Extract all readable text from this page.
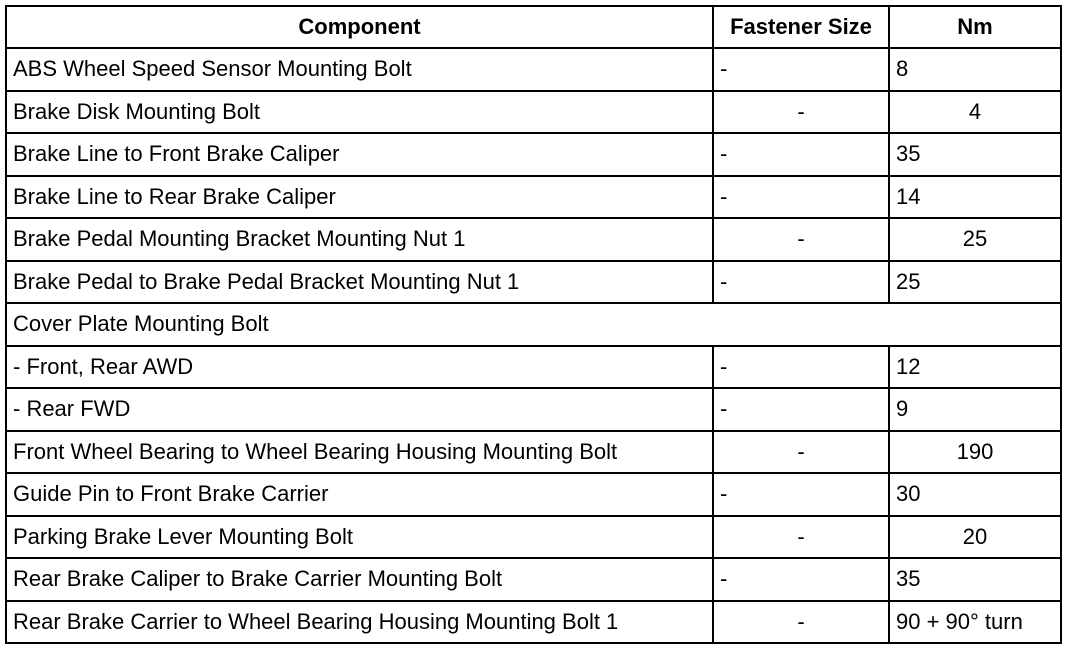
Component	Fastener Size	Nm
ABS Wheel Speed Sensor Mounting Bolt	-	8
Brake Disk Mounting Bolt	-	4
Brake Line to Front Brake Caliper	-	35
Brake Line to Rear Brake Caliper	-	14
Brake Pedal Mounting Bracket Mounting Nut 1	-	25
Brake Pedal to Brake Pedal Bracket Mounting Nut 1	-	25
Cover Plate Mounting Bolt		
- Front, Rear AWD	-	12
- Rear FWD	-	9
Front Wheel Bearing to Wheel Bearing Housing Mounting Bolt	-	190
Guide Pin to Front Brake Carrier	-	30
Parking Brake Lever Mounting Bolt	-	20
Rear Brake Caliper to Brake Carrier Mounting Bolt	-	35
Rear Brake Carrier to Wheel Bearing Housing Mounting Bolt 1	-	90 + 90° turn
